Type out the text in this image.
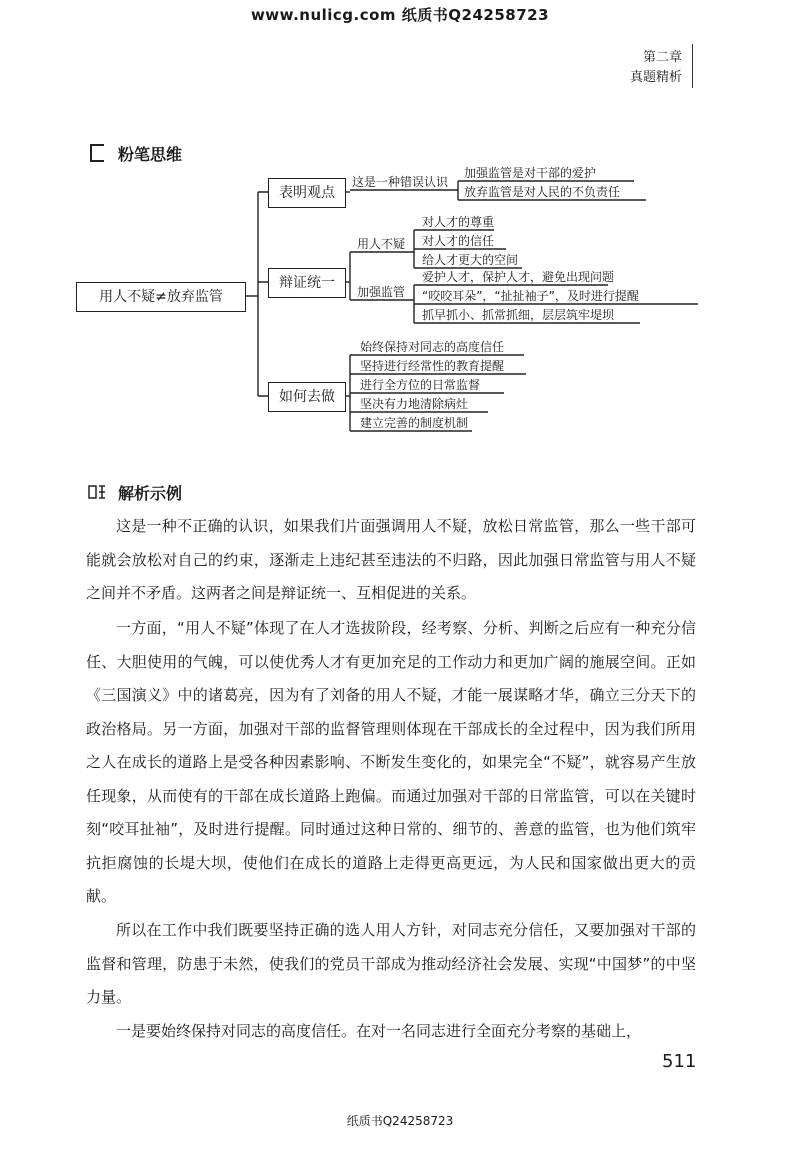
www.nulicg.com 纸质书Q24258723
第二章
真题精析
粉笔思维
用人不疑≠放弃监管
表明观点
辩证统一
如何去做
这是一种错误认识
加强监管是对干部的爱护
放弃监管是对人民的不负责任
用人不疑
对人才的尊重
对人才的信任
给人才更大的空间
加强监管
爱护人才，保护人才，避免出现问题
“咬咬耳朵”，“扯扯袖子”，及时进行提醒
抓早抓小、抓常抓细，层层筑牢堤坝
始终保持对同志的高度信任
坚持进行经常性的教育提醒
进行全方位的日常监督
坚决有力地清除病灶
建立完善的制度机制
解析示例

这是一种不正确的认识，如果我们片面强调用人不疑，放松日常监管，那么一些干部可能就会放松对自己的约束，逐渐走上违纪甚至违法的不归路，因此加强日常监管与用人不疑之间并不矛盾。这两者之间是辩证统一、互相促进的关系。

一方面，“用人不疑”体现了在人才选拔阶段，经考察、分析、判断之后应有一种充分信任、大胆使用的气魄，可以使优秀人才有更加充足的工作动力和更加广阔的施展空间。正如《三国演义》中的诸葛亮，因为有了刘备的用人不疑，才能一展谋略才华，确立三分天下的政治格局。另一方面，加强对干部的监督管理则体现在干部成长的全过程中，因为我们所用之人在成长的道路上是受各种因素影响、不断发生变化的，如果完全“不疑”，就容易产生放任现象，从而使有的干部在成长道路上跑偏。而通过加强对干部的日常监管，可以在关键时刻“咬耳扯袖”，及时进行提醒。同时通过这种日常的、细节的、善意的监管，也为他们筑牢抗拒腐蚀的长堤大坝，使他们在成长的道路上走得更高更远，为人民和国家做出更大的贡献。

所以在工作中我们既要坚持正确的选人用人方针，对同志充分信任，又要加强对干部的监督和管理，防患于未然，使我们的党员干部成为推动经济社会发展、实现“中国梦”的中坚力量。

一是要始终保持对同志的高度信任。在对一名同志进行全面充分考察的基础上，

511
纸质书Q24258723
